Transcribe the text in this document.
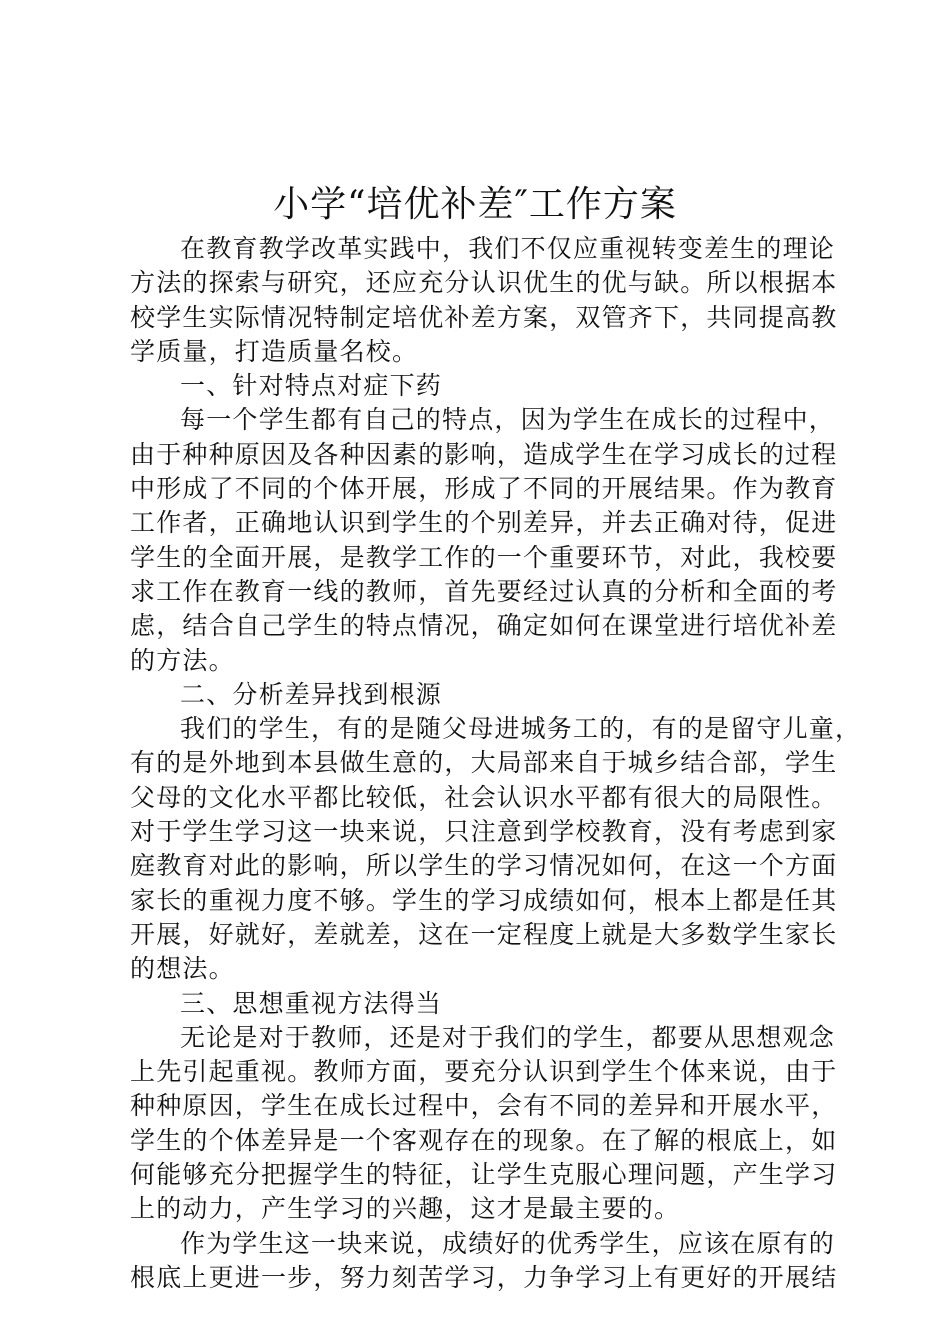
小学“培优补差″工作方案
在教育教学改革实践中，我们不仅应重视转变差生的理论
方法的探索与研究，还应充分认识优生的优与缺。所以根据本
校学生实际情况特制定培优补差方案，双管齐下，共同提高教
学质量，打造质量名校。
一、针对特点对症下药
每一个学生都有自己的特点，因为学生在成长的过程中，
由于种种原因及各种因素的影响，造成学生在学习成长的过程
中形成了不同的个体开展，形成了不同的开展结果。作为教育
工作者，正确地认识到学生的个别差异，并去正确对待，促进
学生的全面开展，是教学工作的一个重要环节，对此，我校要
求工作在教育一线的教师，首先要经过认真的分析和全面的考
虑，结合自己学生的特点情况，确定如何在课堂进行培优补差
的方法。
二、分析差异找到根源
我们的学生，有的是随父母进城务工的，有的是留守儿童，
有的是外地到本县做生意的，大局部来自于城乡结合部，学生
父母的文化水平都比较低，社会认识水平都有很大的局限性。
对于学生学习这一块来说，只注意到学校教育，没有考虑到家
庭教育对此的影响，所以学生的学习情况如何，在这一个方面
家长的重视力度不够。学生的学习成绩如何，根本上都是任其
开展，好就好，差就差，这在一定程度上就是大多数学生家长
的想法。
三、思想重视方法得当
无论是对于教师，还是对于我们的学生，都要从思想观念
上先引起重视。教师方面，要充分认识到学生个体来说，由于
种种原因，学生在成长过程中，会有不同的差异和开展水平，
学生的个体差异是一个客观存在的现象。在了解的根底上，如
何能够充分把握学生的特征，让学生克服心理问题，产生学习
上的动力，产生学习的兴趣，这才是最主要的。
作为学生这一块来说，成绩好的优秀学生，应该在原有的
根底上更进一步，努力刻苦学习，力争学习上有更好的开展结
